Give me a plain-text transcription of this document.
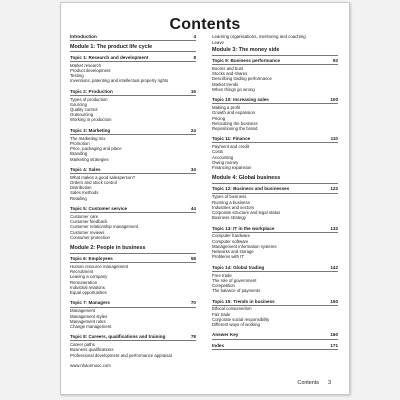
Contents
Introduction	4
Module 1: The product life cycle
Topic 1: Research and development	8
Market research
Product development
Testing
Inventions, patenting and intellectual property rights
Topic 2: Production	16
Types of production
Sourcing
Quality control
Outsourcing
Working in production
Topic 3: Marketing	24
The marketing mix
Promotion
Price, packaging and place
Branding
Marketing strategies
Topic 4: Sales	34
What makes a good salesperson?
Orders and stock control
Distribution
Sales methods
Retailing
Topic 5: Customer service	44
Customer care
Customer feedback
Customer relationship management
Customer reviews
Consumer protection
Module 2: People in business
Topic 6: Employees	58
Human resource management
Recruitment
Leaving a company
Remuneration
Industrial relations
Equal opportunities
Topic 7: Managers	70
Management
Management styles
Management roles
Change management
Topic 8: Careers, qualifications and training	78
Career paths
Business qualifications
Professional development and performance appraisal
www.nhaonnuoc.com
Learning organisations, mentoring and coaching
Leave
Module 3: The money side
Topic 9: Business performance	93
Booms and bust
Stocks and shares
Describing trading performance
Market trends
When things go wrong
Topic 10: Increasing sales	100
Making a profit
Growth and expansion
Pricing
Relocating the business
Repositioning the brand
Topic 11: Finance	110
Payment and credit
Costs
Accounting
Owing money
Financing expansion
Module 4: Global business
Topic 12: Business and businesses	122
Types of business
Running a business
Industries and sectors
Corporate structure and legal status
Business strategy
Topic 13: IT in the workplace	132
Computer hardware
Computer software
Management information systems
Networks and storage
Problems with IT
Topic 14: Global trading	142
Free trade
The role of government
Competition
The balance of payments
Topic 15: Trends in business	150
Ethical consumerism
Fair trade
Corporate social responsibility
Different ways of working
Answer Key	160
Index	171
Contents 3
